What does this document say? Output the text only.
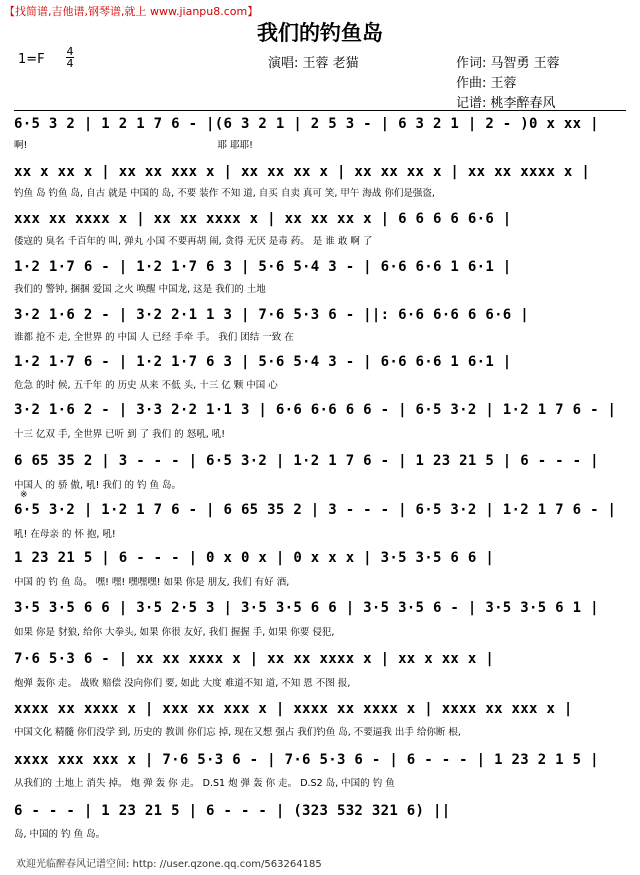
【找简谱,吉他谱,钢琴谱,就上 www.jianpu8.com】
我们的钓鱼岛
1=F
4
4	演唱: 王蓉 老猫	作词: 马智勇 王蓉
作曲: 王蓉
记谱: 桃李醉春风
6·5 3 2 | 1 2 1 7 6 - |(6 3 2 1 | 2 5 3 - | 6 3 2 1 | 2 - )0 x xx |
啊!                                                               耶 耶耶!
xx x xx x | xx xx xxx x | xx xx xx x | xx xx xx x | xx xx xxxx x |
钓鱼 岛 钓鱼 岛, 自古 就是 中国的 岛, 不要 装作 不知 道, 自买 自卖 真可 笑, 甲午 海战 你们是强盗,
xxx xx xxxx x | xx xx xxxx x | xx xx xx x | 6 6 6 6 6·6 |
倭寇的 臭名 千百年的 叫, 弹丸 小国 不要再胡 闹, 贪得 无厌 是毒 药。 是 谁 敢 啊 了
1·2 1·7 6 - | 1·2 1·7 6 3 | 5·6 5·4 3 - | 6·6 6·6 1 6·1 |
我们的 警钟, 捆捆 爱国 之火 唤醒 中国龙, 这是 我们的 土地
3·2 1·6 2 - | 3·2 2·1 1 3 | 7·6 5·3 6 - ||: 6·6 6·6 6 6·6 |
谁都 抢不 走, 全世界 的 中国 人 已经 手牵 手。 我们 团结 一致 在
1·2 1·7 6 - | 1·2 1·7 6 3 | 5·6 5·4 3 - | 6·6 6·6 1 6·1 |
危急 的时 候, 五千年 的 历史 从来 不低 头, 十三 亿 颗 中国 心
3·2 1·6 2 - | 3·3 2·2 1·1 3 | 6·6 6·6 6 6 - | 6·5 3·2 | 1·2 1 7 6 - |
十三 亿双 手, 全世界 已听 到 了 我们 的 怒吼, 吼!
6 65 35 2 | 3 - - - | 6·5 3·2 | 1·2 1 7 6 - | 1 23 21 5 | 6 - - - |
中国人 的 骄 傲, 吼! 我们 的 钓 鱼 岛。
※
6·5 3·2 | 1·2 1 7 6 - | 6 65 35 2 | 3 - - - | 6·5 3·2 | 1·2 1 7 6 - |
吼! 在母亲 的 怀 抱, 吼!
1 23 21 5 | 6 - - - | 0 x 0 x | 0 x x x | 3·5 3·5 6 6 |
中国 的 钓 鱼 岛。 嘿! 嘿! 嘿嘿嘿! 如果 你是 朋友, 我们 有好 酒,
3·5 3·5 6 6 | 3·5 2·5 3 | 3·5 3·5 6 6 | 3·5 3·5 6 - | 3·5 3·5 6 1 |
如果 你是 豺狼, 给你 大拳头, 如果 你很 友好, 我们 握握 手, 如果 你要 侵犯,
7·6 5·3 6 - | xx xx xxxx x | xx xx xxxx x | xx x xx x |
炮弹 轰你 走。 战败 赔偿 没向你们 要, 如此 大度 难道不知 道, 不知 恩 不图 报,
xxxx xx xxxx x | xxx xx xxx x | xxxx xx xxxx x | xxxx xx xxx x |
中国文化 精髓 你们没学 到, 历史的 教训 你们忘 掉, 现在又想 强占 我们钓鱼 岛, 不要逼我 出手 给你断 根,
xxxx xxx xxx x | 7·6 5·3 6 - | 7·6 5·3 6 - | 6 - - - | 1 23 2 1 5 |
从我们的 土地上 消失 掉。 炮 弹 轰 你 走。 D.S1 炮 弹 轰 你 走。 D.S2 岛, 中国的 钓 鱼
6 - - - | 1 23 21 5 | 6 - - - | (323 532 321 6) ||
岛, 中国的 钓 鱼 岛。
欢迎光临醉春风记谱空间: http: //user.qzone.qq.com/563264185
